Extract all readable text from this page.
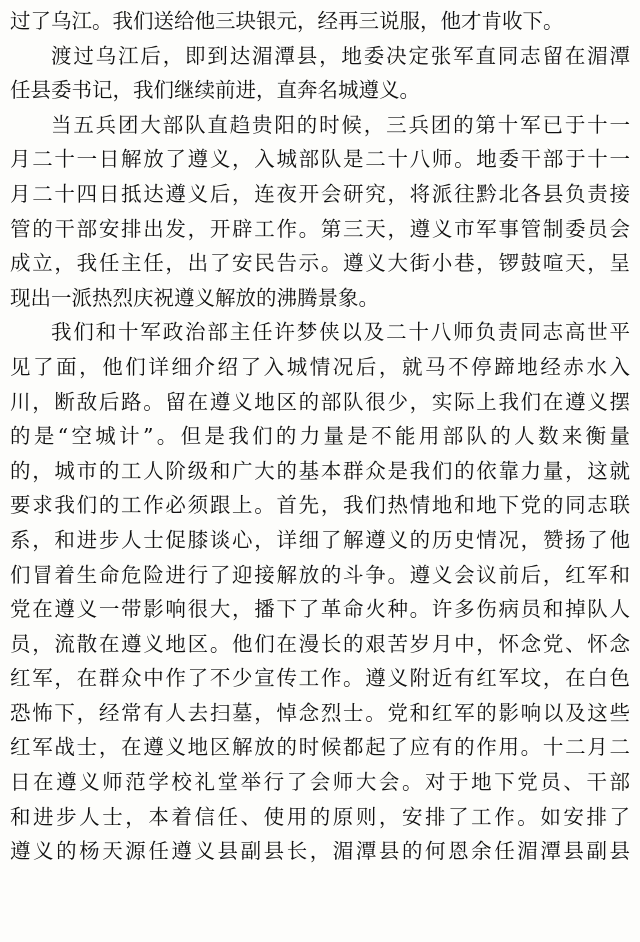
过了乌江。我们送给他三块银元，经再三说服，他才肯收下。
渡过乌江后，即到达湄潭县，地委决定张军直同志留在湄潭
任县委书记，我们继续前进，直奔名城遵义。
当五兵团大部队直趋贵阳的时候，三兵团的第十军已于十一
月二十一日解放了遵义，入城部队是二十八师。地委干部于十一
月二十四日抵达遵义后，连夜开会研究，将派往黔北各县负责接
管的干部安排出发，开辟工作。第三天，遵义市军事管制委员会
成立，我任主任，出了安民告示。遵义大街小巷，锣鼓喧天，呈
现出一派热烈庆祝遵义解放的沸腾景象。
我们和十军政治部主任许梦侠以及二十八师负责同志高世平
见了面，他们详细介绍了入城情况后，就马不停蹄地经赤水入
川，断敌后路。留在遵义地区的部队很少，实际上我们在遵义摆
的是“空城计”。但是我们的力量是不能用部队的人数来衡量
的，城市的工人阶级和广大的基本群众是我们的依靠力量，这就
要求我们的工作必须跟上。首先，我们热情地和地下党的同志联
系，和进步人士促膝谈心，详细了解遵义的历史情况，赞扬了他
们冒着生命危险进行了迎接解放的斗争。遵义会议前后，红军和
党在遵义一带影响很大，播下了革命火种。许多伤病员和掉队人
员，流散在遵义地区。他们在漫长的艰苦岁月中，怀念党、怀念
红军，在群众中作了不少宣传工作。遵义附近有红军坟，在白色
恐怖下，经常有人去扫墓，悼念烈士。党和红军的影响以及这些
红军战士，在遵义地区解放的时候都起了应有的作用。十二月二
日在遵义师范学校礼堂举行了会师大会。对于地下党员、干部
和进步人士，本着信任、使用的原则，安排了工作。如安排了
遵义的杨天源任遵义县副县长，湄潭县的何恩余任湄潭县副县
